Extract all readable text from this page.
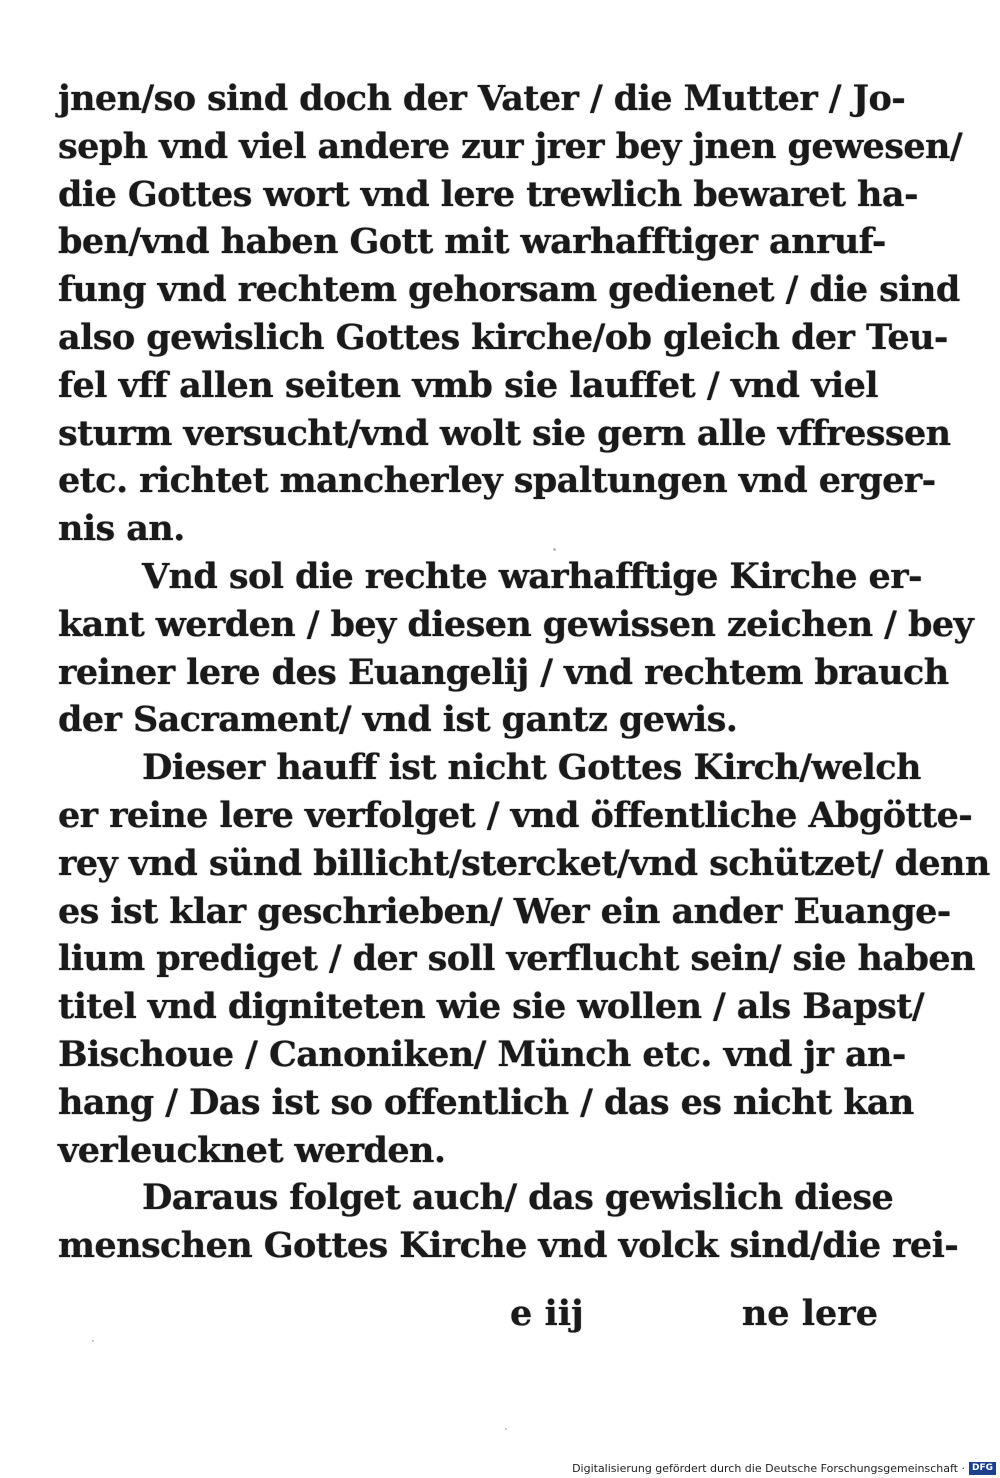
jnen/so sind doch der Vater / die Mutter / Jo-
seph vnd viel andere zur jrer bey jnen gewesen/
die Gottes wort vnd lere trewlich bewaret ha-
ben/vnd haben Gott mit warhafftiger anruf-
fung vnd rechtem gehorsam gedienet / die sind
also gewislich Gottes kirche/ob gleich der Teu-
fel vff allen seiten vmb sie lauffet / vnd viel
sturm versucht/vnd wolt sie gern alle vffressen
etc. richtet mancherley spaltungen vnd erger-
nis an.
Vnd sol die rechte warhafftige Kirche er-
kant werden / bey diesen gewissen zeichen / bey
reiner lere des Euangelij / vnd rechtem brauch
der Sacrament/ vnd ist gantz gewis.
Dieser hauff ist nicht Gottes Kirch/welch
er reine lere verfolget / vnd öffentliche Abgötte-
rey vnd sünd billicht/stercket/vnd schützet/ denn
es ist klar geschrieben/ Wer ein ander Euange-
lium prediget / der soll verflucht sein/ sie haben
titel vnd digniteten wie sie wollen / als Bapst/
Bischoue / Canoniken/ Münch etc. vnd jr an-
hang / Das ist so offentlich / das es nicht kan
verleucknet werden.
Daraus folget auch/ das gewislich diese
menschen Gottes Kirche vnd volck sind/die rei-
e iij	ne lere
Digitalisierung gefördert durch die Deutsche Forschungsgemeinschaft · DFG
